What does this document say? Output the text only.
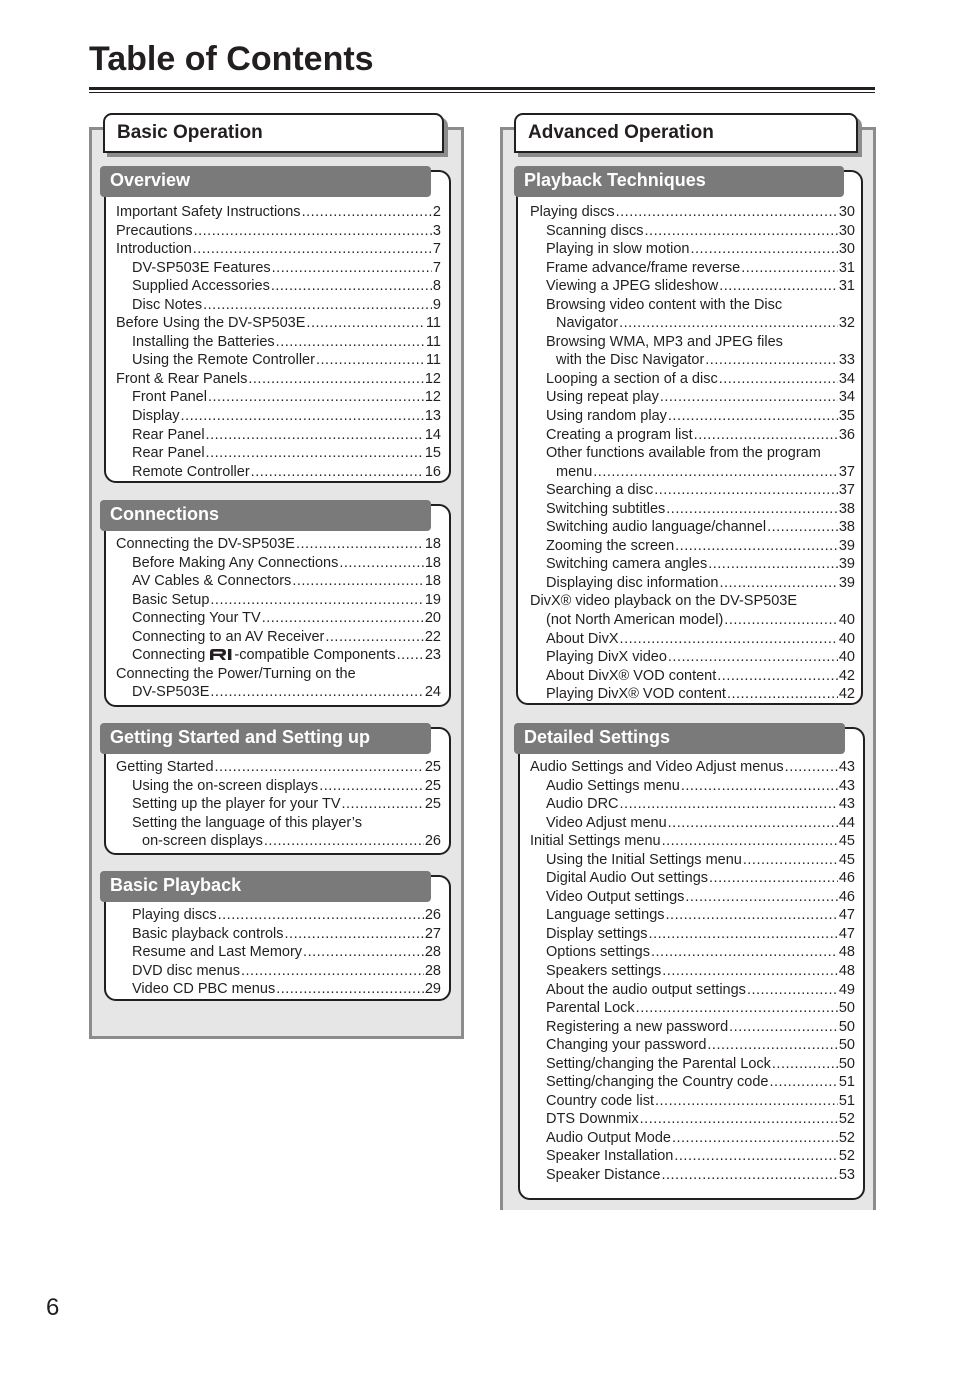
Table of Contents
Basic Operation
Overview
Important Safety Instructions .....	2
Precautions .....	3
Introduction .....	7
DV-SP503E Features .....	7
Supplied Accessories .....	8
Disc Notes .....	9
Before Using the DV-SP503E .....	11
Installing the Batteries .....	11
Using the Remote Controller .....	11
Front & Rear Panels .....	12
Front Panel .....	12
Display .....	13
Rear Panel .....	14
Rear Panel .....	15
Remote Controller .....	16
Connections
Connecting the DV-SP503E .....	18
Before Making Any Connections .....	18
AV Cables & Connectors .....	18
Basic Setup .....	19
Connecting Your TV .....	20
Connecting to an AV Receiver .....	22
Connecting -compatible Components ..... 23
Connecting the Power/Turning on the
DV-SP503E .....	24
Getting Started and Setting up
Getting Started .....	25
Using the on-screen displays .....	25
Setting up the player for your TV .....	25
Setting the language of this player’s
on-screen displays .....	26
Basic Playback
Playing discs .....	26
Basic playback controls .....	27
Resume and Last Memory .....	28
DVD disc menus .....	28
Video CD PBC menus .....	29
Advanced Operation
Playback Techniques
Playing discs .....	30
Scanning discs .....	30
Playing in slow motion .....	30
Frame advance/frame reverse .....	31
Viewing a JPEG slideshow .....	31
Browsing video content with the Disc
Navigator .....	32
Browsing WMA, MP3 and JPEG files
with the Disc Navigator .....	33
Looping a section of a disc .....	34
Using repeat play .....	34
Using random play .....	35
Creating a program list .....	36
Other functions available from the program
menu .....	37
Searching a disc .....	37
Switching subtitles .....	38
Switching audio language/channel .....	38
Zooming the screen .....	39
Switching camera angles .....	39
Displaying disc information .....	39
DivX® video playback on the DV-SP503E
(not North American model) .....	40
About DivX .....	40
Playing DivX video .....	40
About DivX® VOD content .....	42
Playing DivX® VOD content .....	42
Detailed Settings
Audio Settings and Video Adjust menus .....	43
Audio Settings menu .....	43
Audio DRC .....	43
Video Adjust menu .....	44
Initial Settings menu .....	45
Using the Initial Settings menu .....	45
Digital Audio Out settings .....	46
Video Output settings .....	46
Language settings .....	47
Display settings .....	47
Options settings .....	48
Speakers settings .....	48
About the audio output settings .....	49
Parental Lock .....	50
Registering a new password .....	50
Changing your password .....	50
Setting/changing the Parental Lock .....	50
Setting/changing the Country code .....	51
Country code list .....	51
DTS Downmix .....	52
Audio Output Mode .....	52
Speaker Installation .....	52
Speaker Distance .....	53
6
